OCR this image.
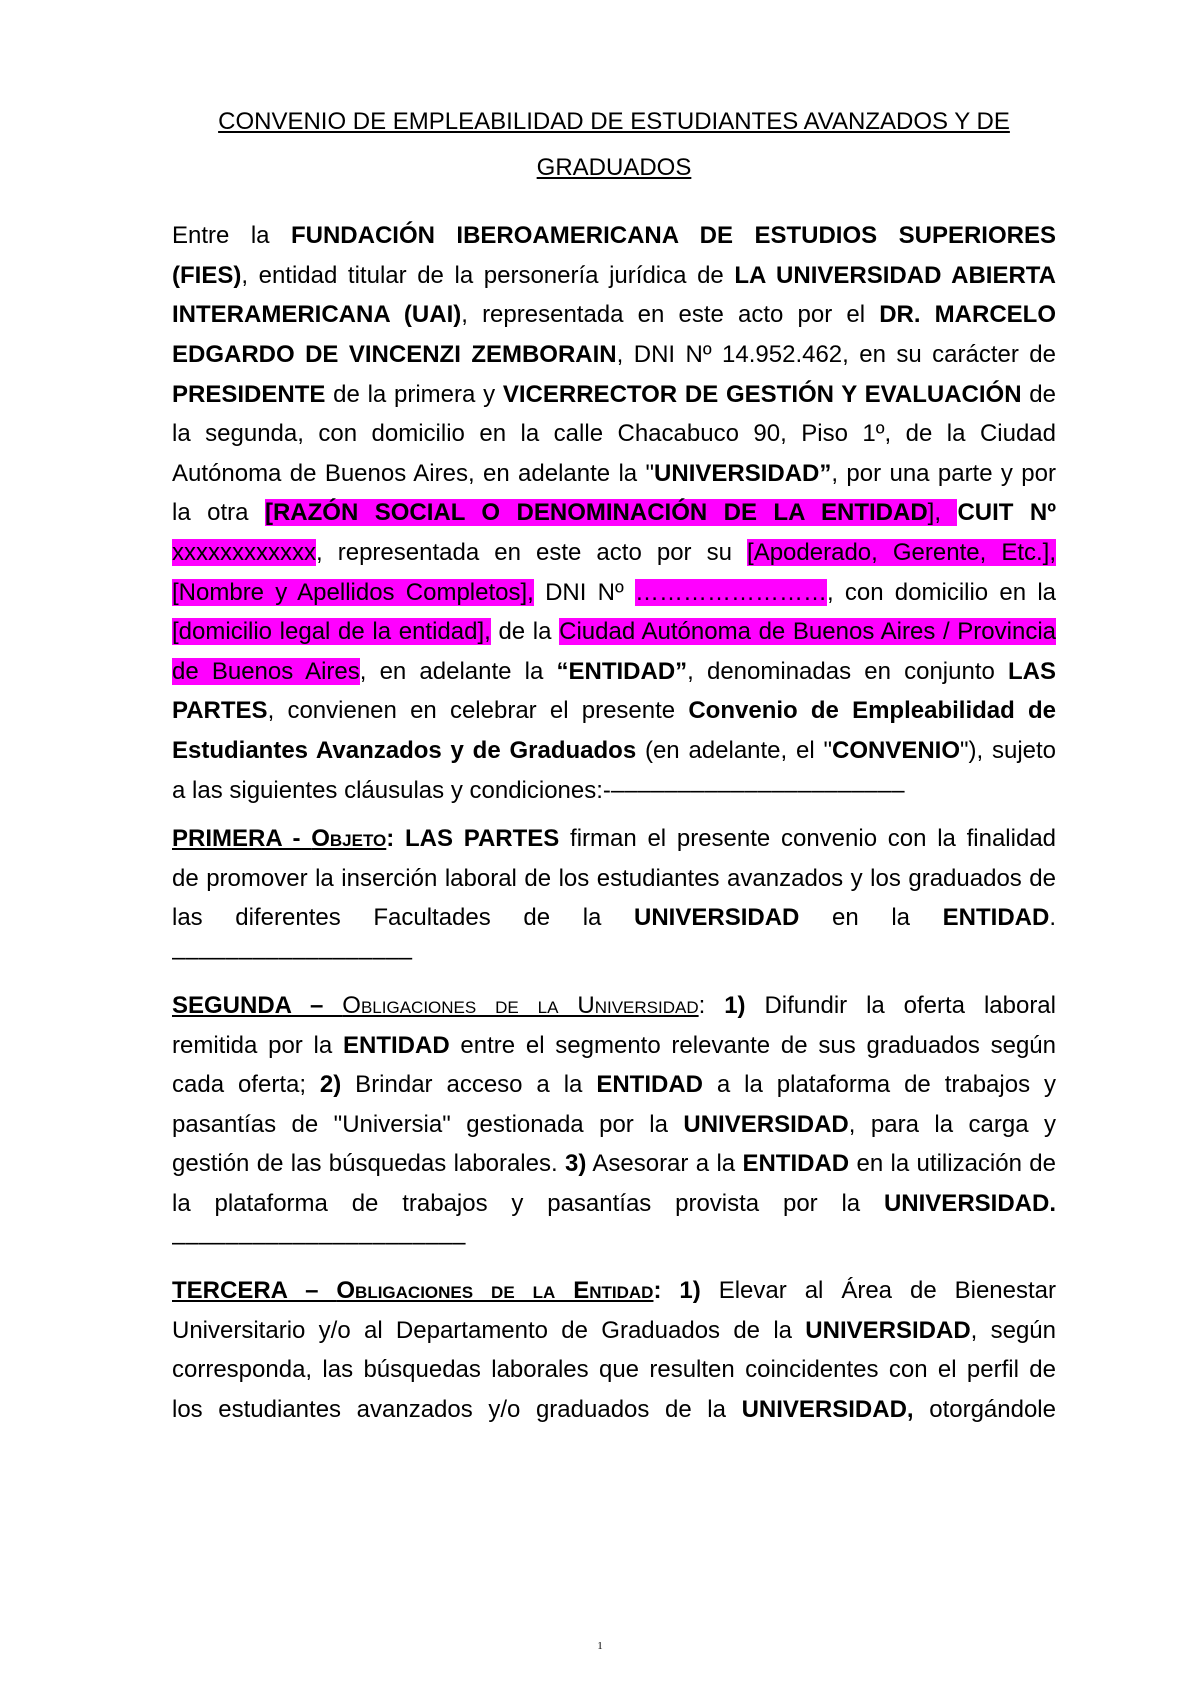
CONVENIO DE EMPLEABILIDAD DE ESTUDIANTES AVANZADOS Y DE
GRADUADOS
Entre la FUNDACIÓN IBEROAMERICANA DE ESTUDIOS SUPERIORES
(FIES), entidad titular de la personería jurídica de LA UNIVERSIDAD ABIERTA
INTERAMERICANA (UAI), representada en este acto por el DR. MARCELO
EDGARDO DE VINCENZI ZEMBORAIN, DNI Nº 14.952.462, en su carácter de
PRESIDENTE de la primera y VICERRECTOR DE GESTIÓN Y EVALUACIÓN de
la segunda, con domicilio en la calle Chacabuco 90, Piso 1º, de la Ciudad
Autónoma de Buenos Aires, en adelante la "UNIVERSIDAD”, por una parte y por
la otra [RAZÓN SOCIAL O DENOMINACIÓN DE LA ENTIDAD], CUIT Nº
xxxxxxxxxxxx, representada en este acto por su [Apoderado, Gerente, Etc.],
[Nombre y Apellidos Completos], DNI Nº ……………………, con domicilio en la
[domicilio legal de la entidad], de la Ciudad Autónoma de Buenos Aires / Provincia
de Buenos Aires, en adelante la “ENTIDAD”, denominadas en conjunto LAS
PARTES, convienen en celebrar el presente Convenio de Empleabilidad de
Estudiantes Avanzados y de Graduados (en adelante, el "CONVENIO"), sujeto
a las siguientes cláusulas y condiciones:-––––––––––––––––––––––
PRIMERA - Objeto: LAS PARTES firman el presente convenio con la finalidad
de promover la inserción laboral de los estudiantes avanzados y los graduados de
las diferentes Facultades de la UNIVERSIDAD en la ENTIDAD.
––––––––––––––––––
SEGUNDA – Obligaciones de la Universidad: 1) Difundir la oferta laboral
remitida por la ENTIDAD entre el segmento relevante de sus graduados según
cada oferta; 2) Brindar acceso a la ENTIDAD a la plataforma de trabajos y
pasantías de "Universia" gestionada por la UNIVERSIDAD, para la carga y
gestión de las búsquedas laborales. 3) Asesorar a la ENTIDAD en la utilización de
la plataforma de trabajos y pasantías provista por la UNIVERSIDAD.
––––––––––––––––––––––
TERCERA – Obligaciones de la Entidad: 1) Elevar al Área de Bienestar
Universitario y/o al Departamento de Graduados de la UNIVERSIDAD, según
corresponda, las búsquedas laborales que resulten coincidentes con el perfil de
los estudiantes avanzados y/o graduados de la UNIVERSIDAD, otorgándole
1
